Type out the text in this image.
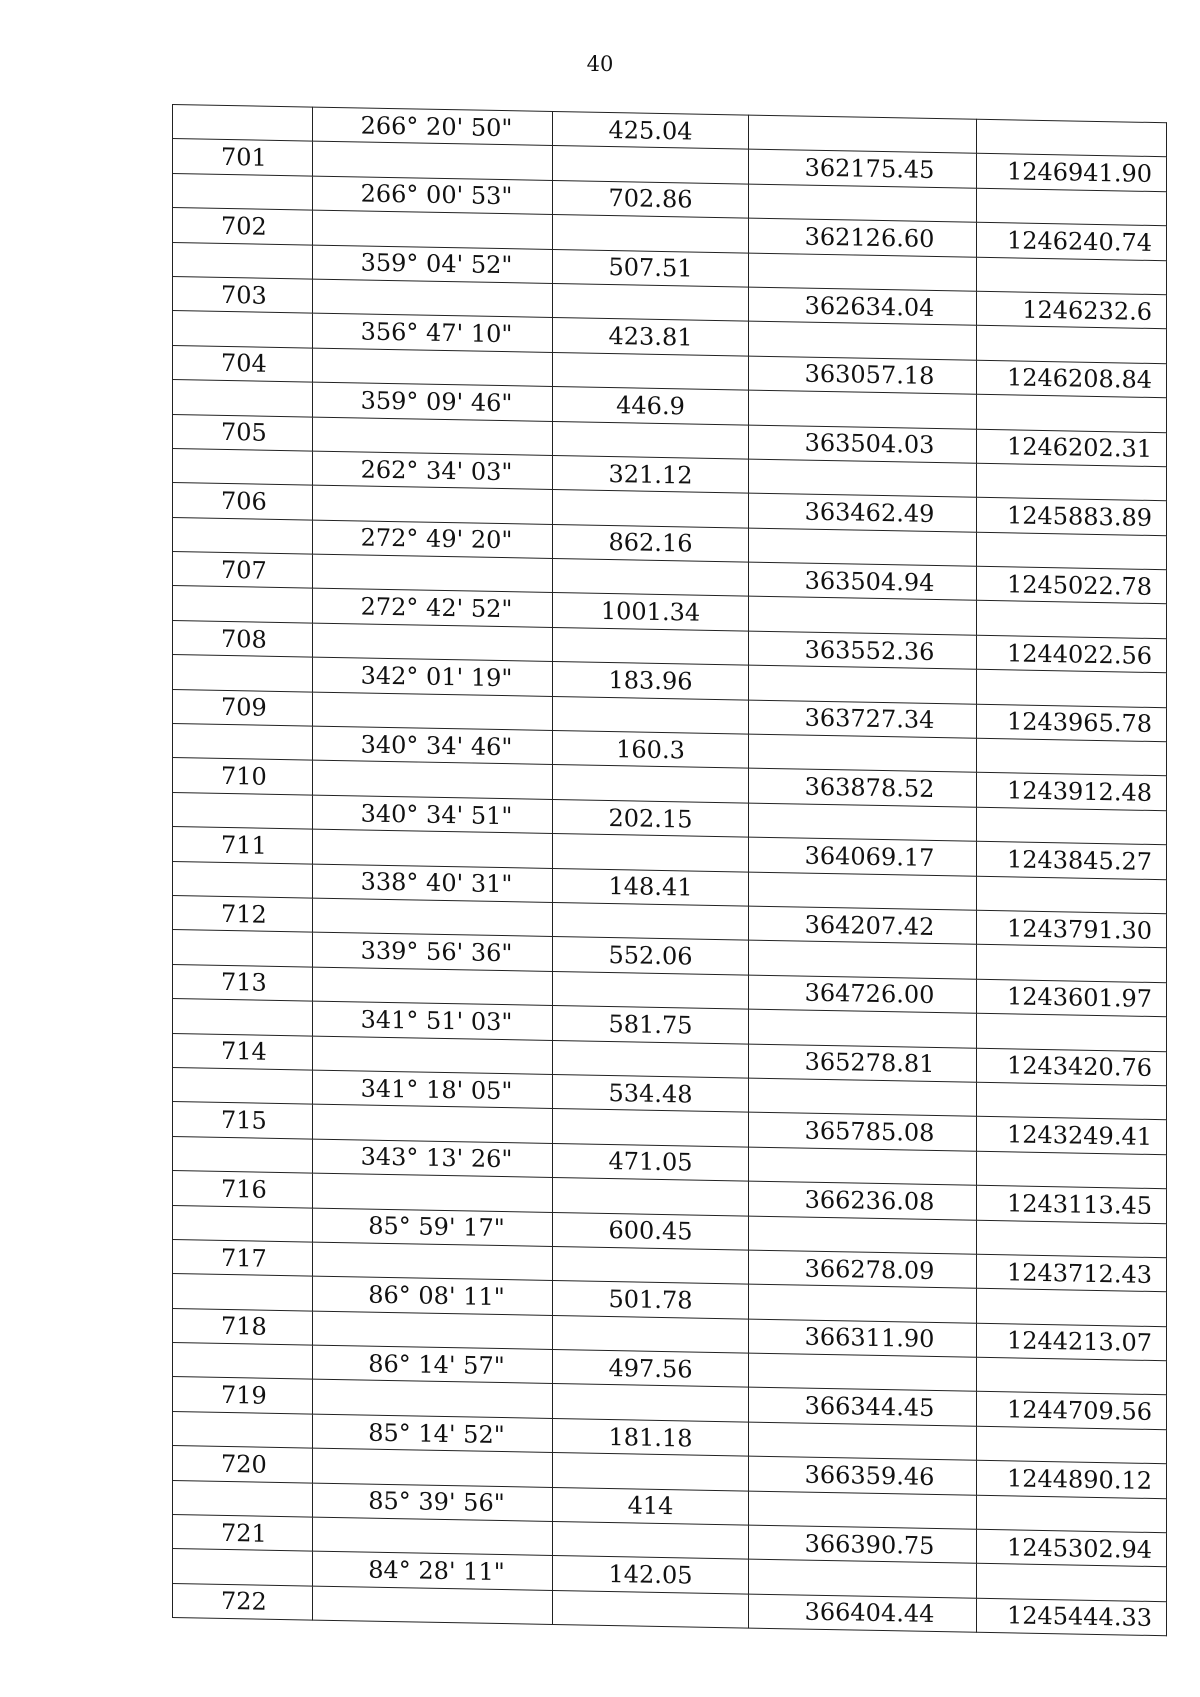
40
	266° 20' 50"	425.04		
701			362175.45	1246941.90
	266° 00' 53"	702.86		
702			362126.60	1246240.74
	359° 04' 52"	507.51		
703			362634.04	1246232.6
	356° 47' 10"	423.81		
704			363057.18	1246208.84
	359° 09' 46"	446.9		
705			363504.03	1246202.31
	262° 34' 03"	321.12		
706			363462.49	1245883.89
	272° 49' 20"	862.16		
707			363504.94	1245022.78
	272° 42' 52"	1001.34		
708			363552.36	1244022.56
	342° 01' 19"	183.96		
709			363727.34	1243965.78
	340° 34' 46"	160.3		
710			363878.52	1243912.48
	340° 34' 51"	202.15		
711			364069.17	1243845.27
	338° 40' 31"	148.41		
712			364207.42	1243791.30
	339° 56' 36"	552.06		
713			364726.00	1243601.97
	341° 51' 03"	581.75		
714			365278.81	1243420.76
	341° 18' 05"	534.48		
715			365785.08	1243249.41
	343° 13' 26"	471.05		
716			366236.08	1243113.45
	85° 59' 17"	600.45		
717			366278.09	1243712.43
	86° 08' 11"	501.78		
718			366311.90	1244213.07
	86° 14' 57"	497.56		
719			366344.45	1244709.56
	85° 14' 52"	181.18		
720			366359.46	1244890.12
	85° 39' 56"	414		
721			366390.75	1245302.94
	84° 28' 11"	142.05		
722			366404.44	1245444.33
